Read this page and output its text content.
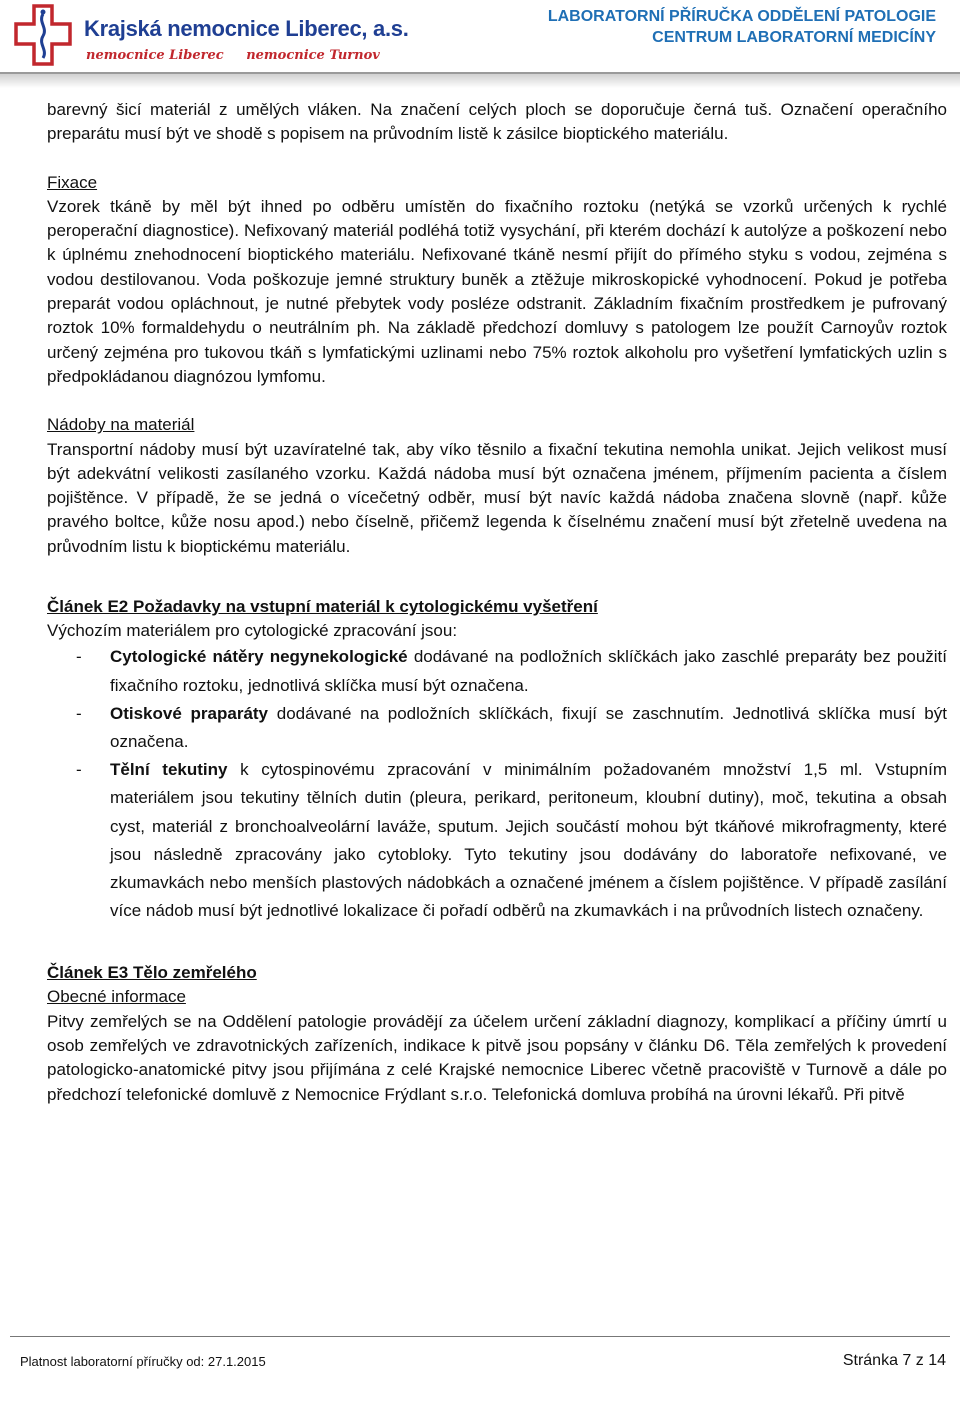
Krajská nemocnice Liberec, a.s.
nemocnice Liberec nemocnice Turnov
LABORATORNÍ PŘÍRUČKA ODDĚLENÍ PATOLOGIE
CENTRUM LABORATORNÍ MEDICÍNY

barevný šicí materiál z umělých vláken. Na značení celých ploch se doporučuje černá tuš. Označení operačního preparátu musí být ve shodě s popisem na průvodním listě k zásilce bioptického materiálu.

Fixace

Vzorek tkáně by měl být ihned po odběru umístěn do fixačního roztoku (netýká se vzorků určených k rychlé peroperační diagnostice). Nefixovaný materiál podléhá totiž vysychání, při kterém dochází k autolýze a poškození nebo k úplnému znehodnocení bioptického materiálu. Nefixované tkáně nesmí přijít do přímého styku s vodou, zejména s vodou destilovanou. Voda poškozuje jemné struktury buněk a ztěžuje mikroskopické vyhodnocení. Pokud je potřeba preparát vodou opláchnout, je nutné přebytek vody posléze odstranit. Základním fixačním prostředkem je pufrovaný roztok 10% formaldehydu o neutrálním ph. Na základě předchozí domluvy s patologem lze použít Carnoyův roztok určený zejména pro tukovou tkáň s lymfatickými uzlinami nebo 75% roztok alkoholu pro vyšetření lymfatických uzlin s předpokládanou diagnózou lymfomu.

Nádoby na materiál

Transportní nádoby musí být uzavíratelné tak, aby víko těsnilo a fixační tekutina nemohla unikat. Jejich velikost musí být adekvátní velikosti zasílaného vzorku. Každá nádoba musí být označena jménem, příjmením pacienta a číslem pojištěnce. V případě, že se jedná o vícečetný odběr, musí být navíc každá nádoba značena slovně (např. kůže pravého boltce, kůže nosu apod.) nebo číselně, přičemž legenda k číselnému značení musí být zřetelně uvedena na průvodním listu k bioptickému materiálu.

Článek E2 Požadavky na vstupní materiál k cytologickému vyšetření

Výchozím materiálem pro cytologické zpracování jsou:

- Cytologické nátěry negynekologické dodávané na podložních sklíčkách jako zaschlé preparáty bez použití fixačního roztoku, jednotlivá sklíčka musí být označena.
- Otiskové praparáty dodávané na podložních sklíčkách, fixují se zaschnutím. Jednotlivá sklíčka musí být označena.
- Tělní tekutiny k cytospinovému zpracování v minimálním požadovaném množství 1,5 ml. Vstupním materiálem jsou tekutiny tělních dutin (pleura, perikard, peritoneum, kloubní dutiny), moč, tekutina a obsah cyst, materiál z bronchoalveolární laváže, sputum. Jejich součástí mohou být tkáňové mikrofragmenty, které jsou následně zpracovány jako cytobloky. Tyto tekutiny jsou dodávány do laboratoře nefixované, ve zkumavkách nebo menších plastových nádobkách a označené jménem a číslem pojištěnce. V případě zasílání více nádob musí být jednotlivé lokalizace či pořadí odběrů na zkumavkách i na průvodních listech označeny.
Článek E3 Tělo zemřelého

Obecné informace

Pitvy zemřelých se na Oddělení patologie provádějí za účelem určení základní diagnozy, komplikací a příčiny úmrtí u osob zemřelých ve zdravotnických zařízeních, indikace k pitvě jsou popsány v článku D6. Těla zemřelých k provedení patologicko-anatomické pitvy jsou přijímána z celé Krajské nemocnice Liberec včetně pracoviště v Turnově a dále po předchozí telefonické domluvě z Nemocnice Frýdlant s.r.o. Telefonická domluva probíhá na úrovni lékařů. Při pitvě

Platnost laboratorní příručky od: 27.1.2015	Stránka 7 z 14
